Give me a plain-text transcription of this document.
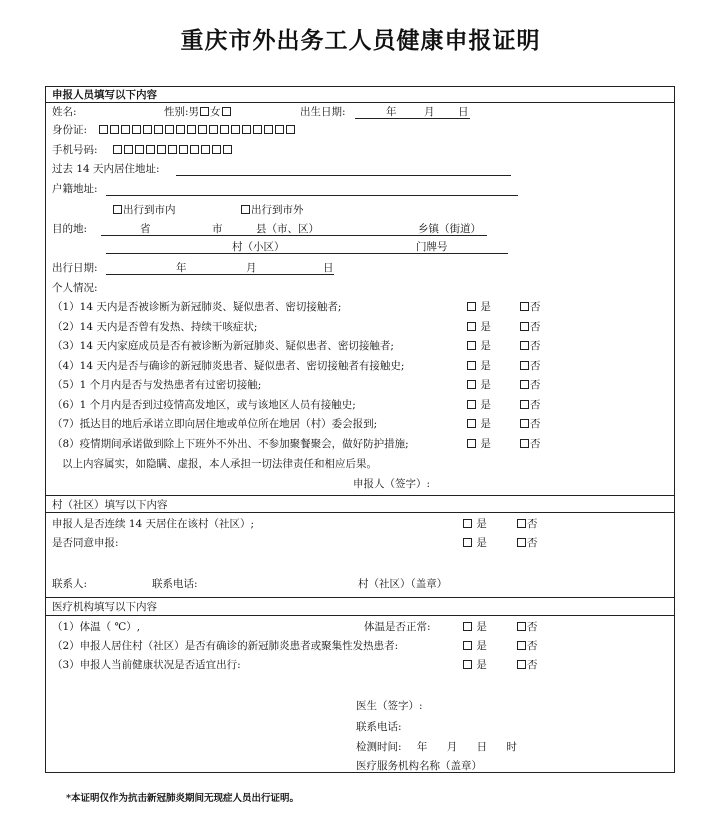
重庆市外出务工人员健康申报证明
申报人员填写以下内容
姓名:	性别:男 女	出生日期:	年	月 日
身份证:
手机号码:
过去 14 天内居住地址:
户籍地址:
出行到市内	出行到市外
目的地:	省	市	县（市、区）	乡镇（街道）
村（小区）	门牌号
出行日期:	年	月	日
个人情况:
（1）14 天内是否被诊断为新冠肺炎、疑似患者、密切接触者;	是	否
（2）14 天内是否曾有发热、持续干咳症状;	是	否
（3）14 天内家庭成员是否有被诊断为新冠肺炎、疑似患者、密切接触者;	是	否
（4）14 天内是否与确诊的新冠肺炎患者、疑似患者、密切接触者有接触史;	是	否
（5）1 个月内是否与发热患者有过密切接触;	是	否
（6）1 个月内是否到过疫情高发地区，或与该地区人员有接触史;	是	否
（7）抵达目的地后承诺立即向居住地或单位所在地居（村）委会报到;	是	否
（8）疫情期间承诺做到除上下班外不外出、不参加聚餐聚会，做好防护措施;	是	否
以上内容属实，如隐瞒、虚报，本人承担一切法律责任和相应后果。
申报人（签字）:
村（社区）填写以下内容
申报人是否连续 14 天居住在该村（社区）;	是	否
是否同意申报:	是	否
联系人:	联系电话:	村（社区）（盖章）
医疗机构填写以下内容
（1）体温（ ℃）,	体温是否正常:	是	否
（2）申报人居住村（社区）是否有确诊的新冠肺炎患者或聚集性发热患者:	是	否
（3）申报人当前健康状况是否适宜出行:	是	否
医生（签字）:
联系电话:
检测时间: 年 月 日 时
医疗服务机构名称（盖章）
*本证明仅作为抗击新冠肺炎期间无现症人员出行证明。
